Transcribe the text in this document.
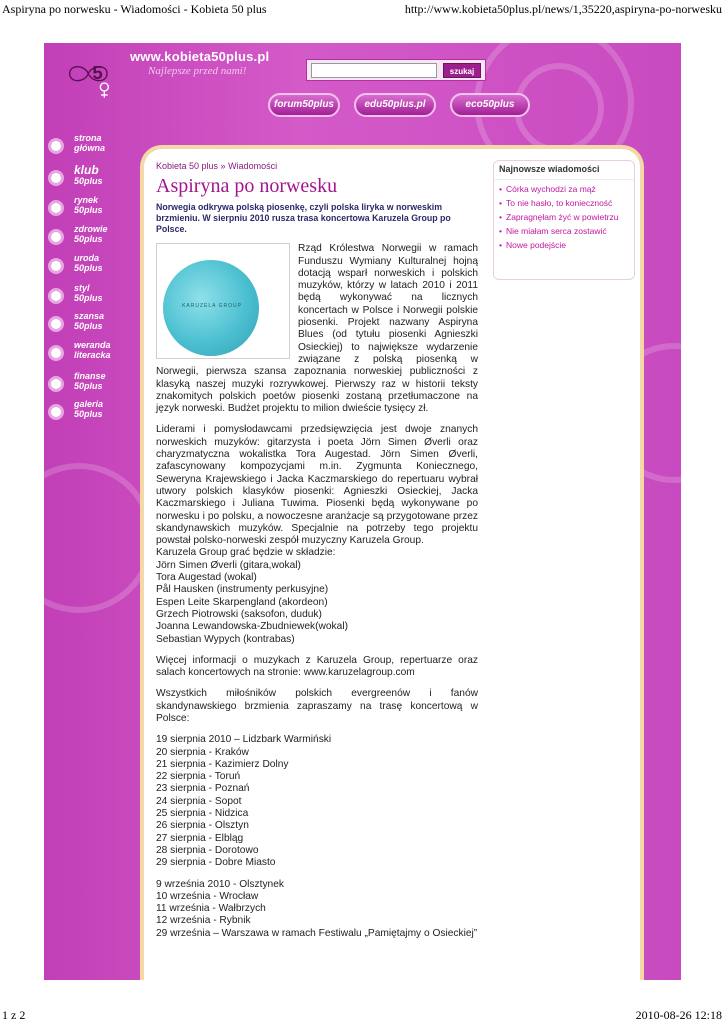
Aspiryna po norwesku - Wiadomości - Kobieta 50 plus	http://www.kobieta50plus.pl/news/1,35220,aspiryna-po-norwesku
5
www.kobieta50plus.pl
Najlepsze przed nami!	szukaj
forum50plus	edu50plus.pl	eco50plus
strona
główna
klub
50plus
rynek
50plus
zdrowie
50plus
uroda
50plus
styl
50plus
szansa
50plus
weranda
literacka
finanse
50plus
galeria
50plus
Kobieta 50 plus » Wiadomości
Aspiryna po norwesku
Norwegia odkrywa polską piosenkę, czyli polska liryka w norweskim brzmieniu. W sierpniu 2010 rusza trasa koncertowa Karuzela Group po Polsce.
KARUZELA GROUP

Rząd Królestwa Norwegii w ramach Funduszu Wymiany Kulturalnej hojną dotacją wsparł norweskich i polskich muzyków, którzy w latach 2010 i 2011 będą wykonywać na licznych koncertach w Polsce i Norwegii polskie piosenki. Projekt nazwany Aspiryna Blues (od tytułu piosenki Agnieszki Osieckiej) to największe wydarzenie związane z polską piosenką w Norwegii, pierwsza szansa zapoznania norweskiej publiczności z klasyką naszej muzyki rozrywkowej. Pierwszy raz w historii teksty znakomitych polskich poetów piosenki zostaną przetłumaczone na język norweski. Budżet projektu to milion dwieście tysięcy zł.

Liderami i pomysłodawcami przedsięwzięcia jest dwoje znanych norweskich muzyków: gitarzysta i poeta Jörn Simen Øverli oraz charyzmatyczna wokalistka Tora Augestad. Jörn Simen Øverli, zafascynowany kompozycjami m.in. Zygmunta Koniecznego, Seweryna Krajewskiego i Jacka Kaczmarskiego do repertuaru wybrał utwory polskich klasyków piosenki: Agnieszki Osieckiej, Jacka Kaczmarskiego i Juliana Tuwima. Piosenki będą wykonywane po norwesku i po polsku, a nowoczesne aranżacje są przygotowane przez skandynawskich muzyków. Specjalnie na potrzeby tego projektu powstał polsko-norweski zespół muzyczny Karuzela Group.

Karuzela Group grać będzie w składzie:
Jörn Simen Øverli (gitara,wokal)
Tora Augestad (wokal)
Pål Hausken (instrumenty perkusyjne)
Espen Leite Skarpengland (akordeon)
Grzech Piotrowski (saksofon, duduk)
Joanna Lewandowska-Zbudniewek(wokal)
Sebastian Wypych (kontrabas)

Więcej informacji o muzykach z Karuzela Group, repertuarze oraz salach koncertowych na stronie: www.karuzelagroup.com

Wszystkich miłośników polskich evergreenów i fanów skandynawskiego brzmienia zapraszamy na trasę koncertową w Polsce:

19 sierpnia 2010 – Lidzbark Warmiński
20 sierpnia - Kraków
21 sierpnia - Kazimierz Dolny
22 sierpnia - Toruń
23 sierpnia - Poznań
24 sierpnia - Sopot
25 sierpnia - Nidzica
26 sierpnia - Olsztyn
27 sierpnia - Elbląg
28 sierpnia - Dorotowo
29 sierpnia - Dobre Miasto
9 września 2010 - Olsztynek
10 września - Wrocław
11 września - Wałbrzych
12 września - Rybnik
29 września – Warszawa w ramach Festiwalu „Pamiętajmy o Osieckiej”
Najnowsze wiadomości
• Córka wychodzi za mąż
• To nie hasło, to konieczność
• Zapragnęłam żyć w powietrzu
• Nie miałam serca zostawić
• Nowe podejście
1 z 2	2010-08-26 12:18
